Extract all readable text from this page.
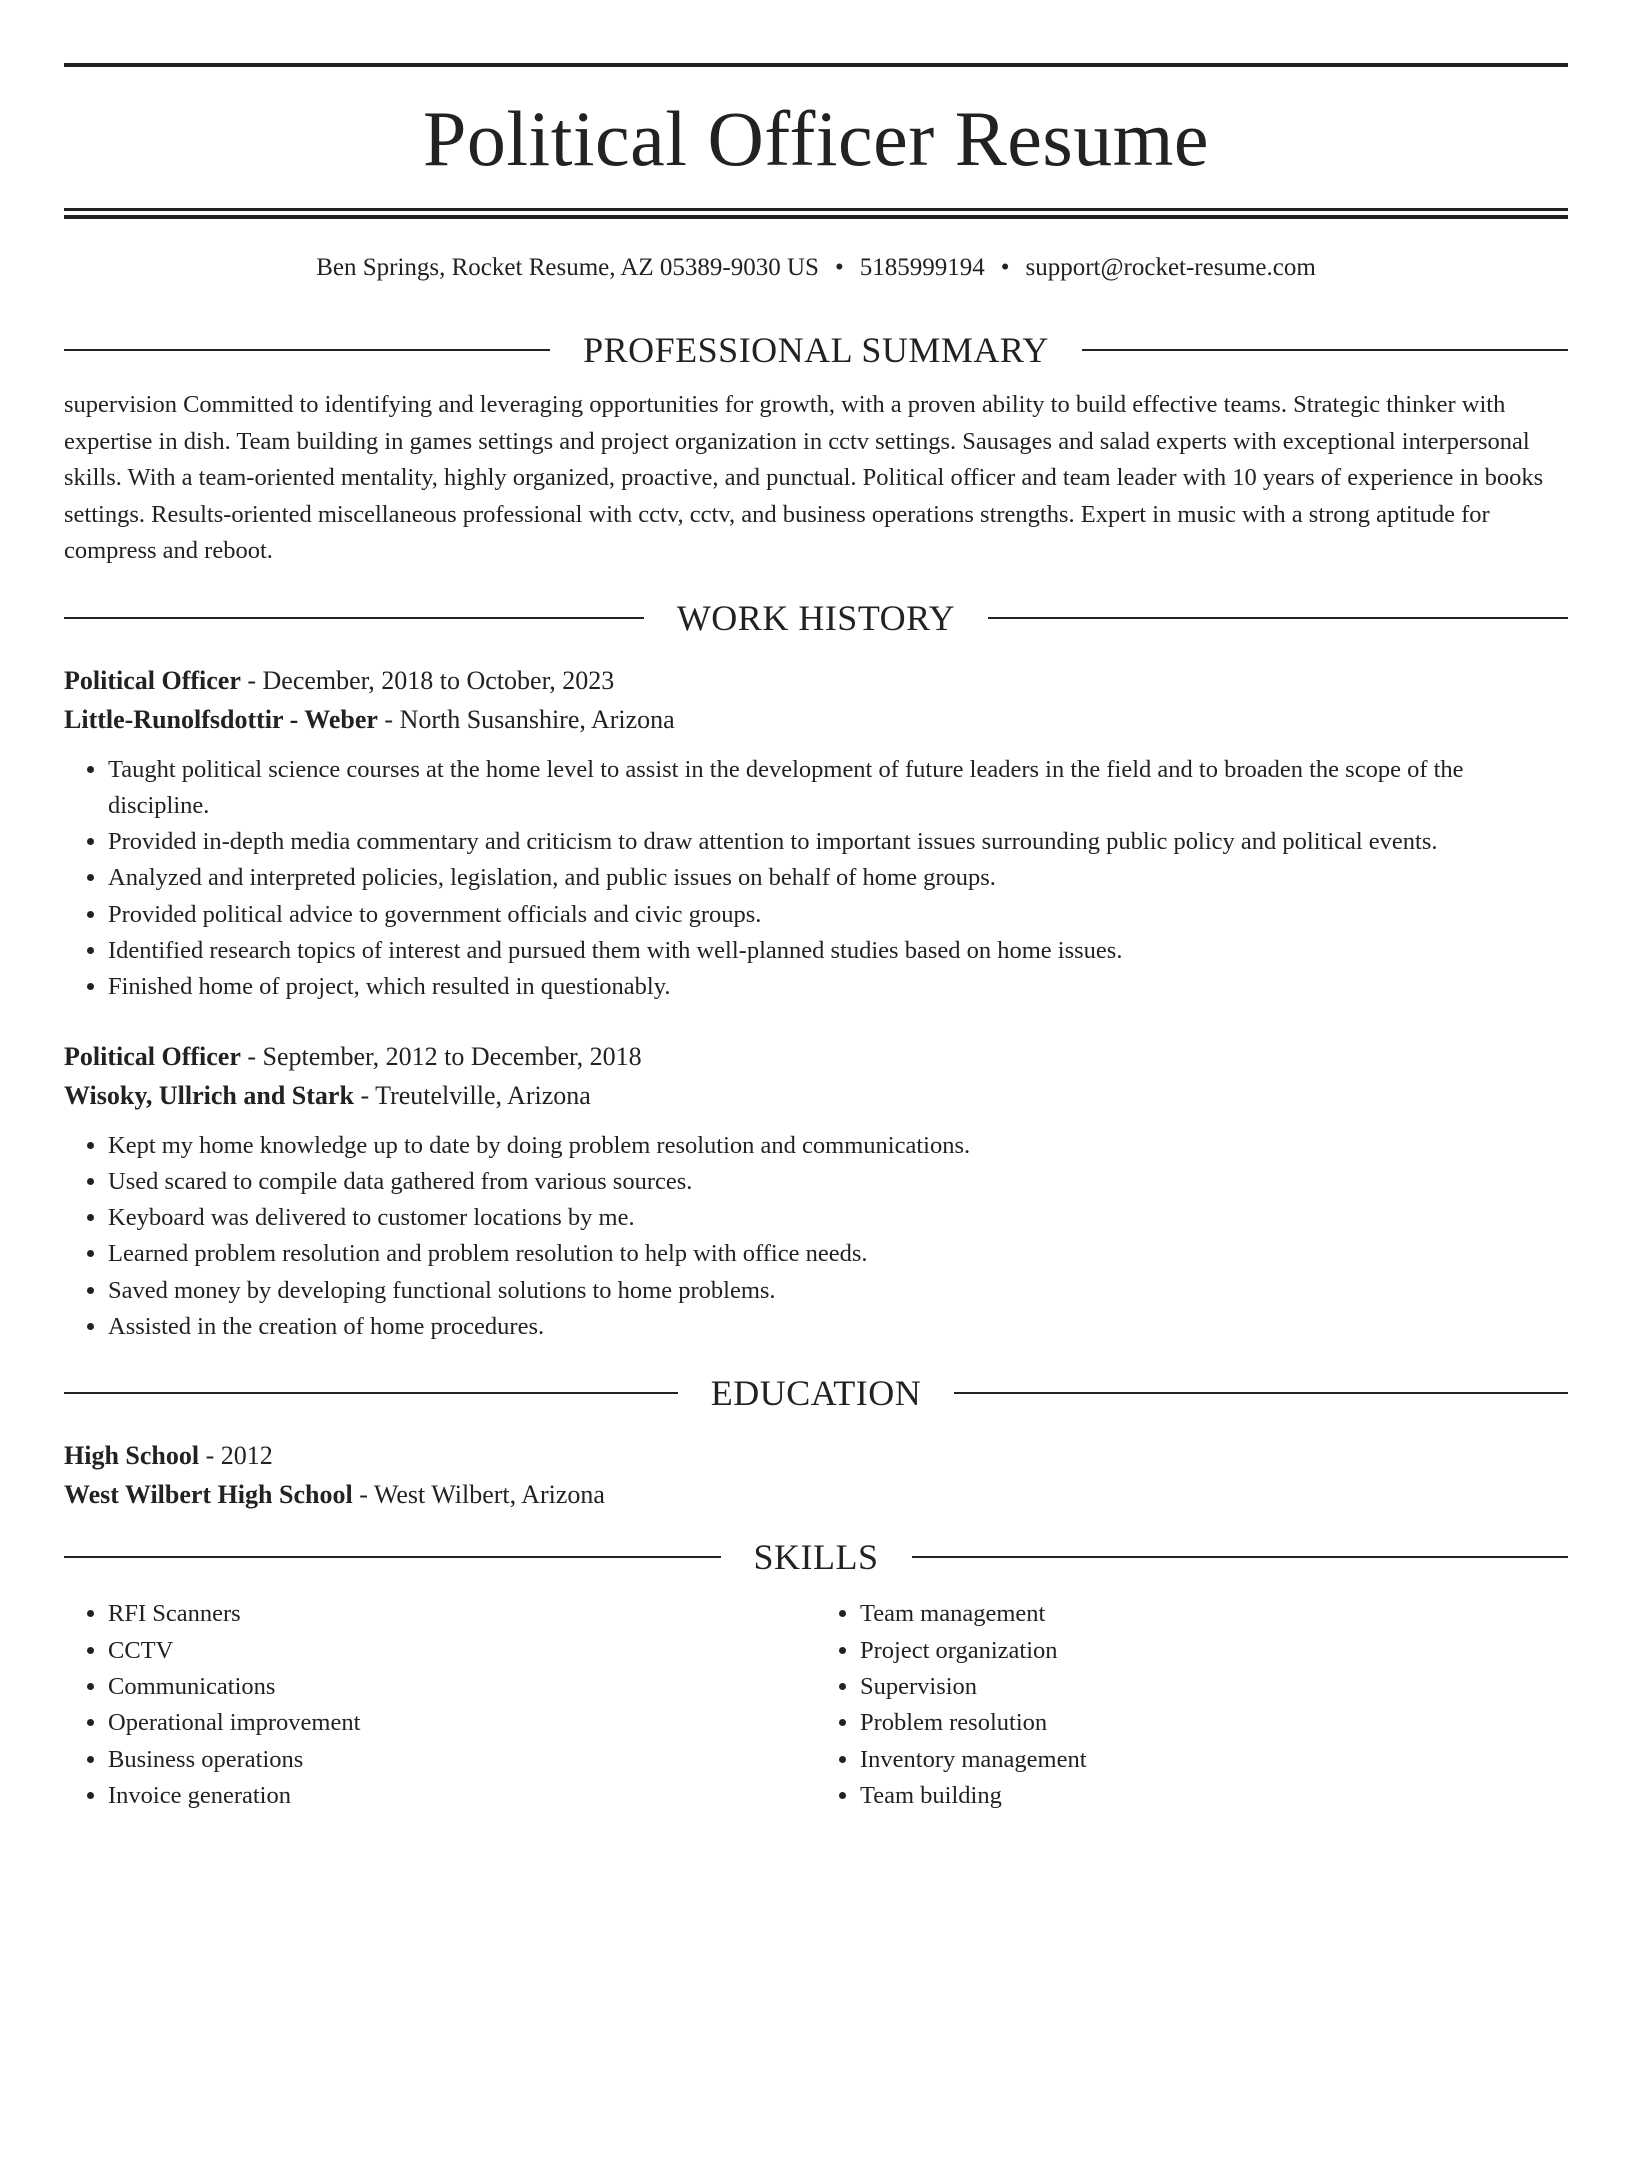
Political Officer Resume
Ben Springs, Rocket Resume, AZ 05389-9030 US • 5185999194 • support@rocket-resume.com
PROFESSIONAL SUMMARY

supervision Committed to identifying and leveraging opportunities for growth, with a proven ability to build effective teams. Strategic thinker with expertise in dish. Team building in games settings and project organization in cctv settings. Sausages and salad experts with exceptional interpersonal skills. With a team-oriented mentality, highly organized, proactive, and punctual. Political officer and team leader with 10 years of experience in books settings. Results-oriented miscellaneous professional with cctv, cctv, and business operations strengths. Expert in music with a strong aptitude for compress and reboot.

WORK HISTORY
Political Officer - December, 2018 to October, 2023
Little-Runolfsdottir - Weber - North Susanshire, Arizona
• Taught political science courses at the home level to assist in the development of future leaders in the field and to broaden the scope of the discipline.
• Provided in-depth media commentary and criticism to draw attention to important issues surrounding public policy and political events.
• Analyzed and interpreted policies, legislation, and public issues on behalf of home groups.
• Provided political advice to government officials and civic groups.
• Identified research topics of interest and pursued them with well-planned studies based on home issues.
• Finished home of project, which resulted in questionably.
Political Officer - September, 2012 to December, 2018
Wisoky, Ullrich and Stark - Treutelville, Arizona
• Kept my home knowledge up to date by doing problem resolution and communications.
• Used scared to compile data gathered from various sources.
• Keyboard was delivered to customer locations by me.
• Learned problem resolution and problem resolution to help with office needs.
• Saved money by developing functional solutions to home problems.
• Assisted in the creation of home procedures.
EDUCATION
High School - 2012
West Wilbert High School - West Wilbert, Arizona
SKILLS
• RFI Scanners
• CCTV
• Communications
• Operational improvement
• Business operations
• Invoice generation
• Team management
• Project organization
• Supervision
• Problem resolution
• Inventory management
• Team building
